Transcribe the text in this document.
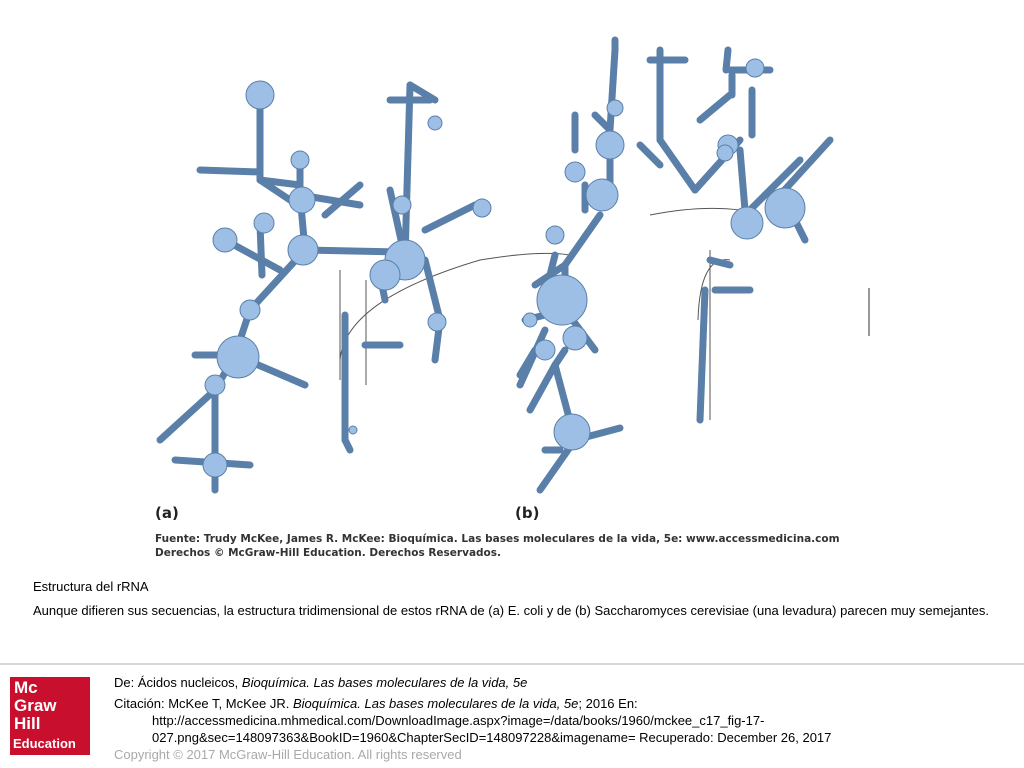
(a)	(b)
Fuente: Trudy McKee, James R. McKee: Bioquímica. Las bases moleculares de la vida, 5e: www.accessmedicina.com
Derechos © McGraw-Hill Education. Derechos Reservados.
Estructura del rRNA
Aunque difieren sus secuencias, la estructura tridimensional de estos rRNA de (a) E. coli y de (b) Saccharomyces cerevisiae (una levadura) parecen muy semejantes.
Mc
Graw
Hill
Education
De: Ácidos nucleicos, Bioquímica. Las bases moleculares de la vida, 5e
Citación: McKee T, McKee JR. Bioquímica. Las bases moleculares de la vida, 5e; 2016 En:
http://accessmedicina.mhmedical.com/DownloadImage.aspx?image=/data/books/1960/mckee_c17_fig-17-
027.png&sec=148097363&BookID=1960&ChapterSecID=148097228&imagename= Recuperado: December 26, 2017
Copyright © 2017 McGraw-Hill Education. All rights reserved
